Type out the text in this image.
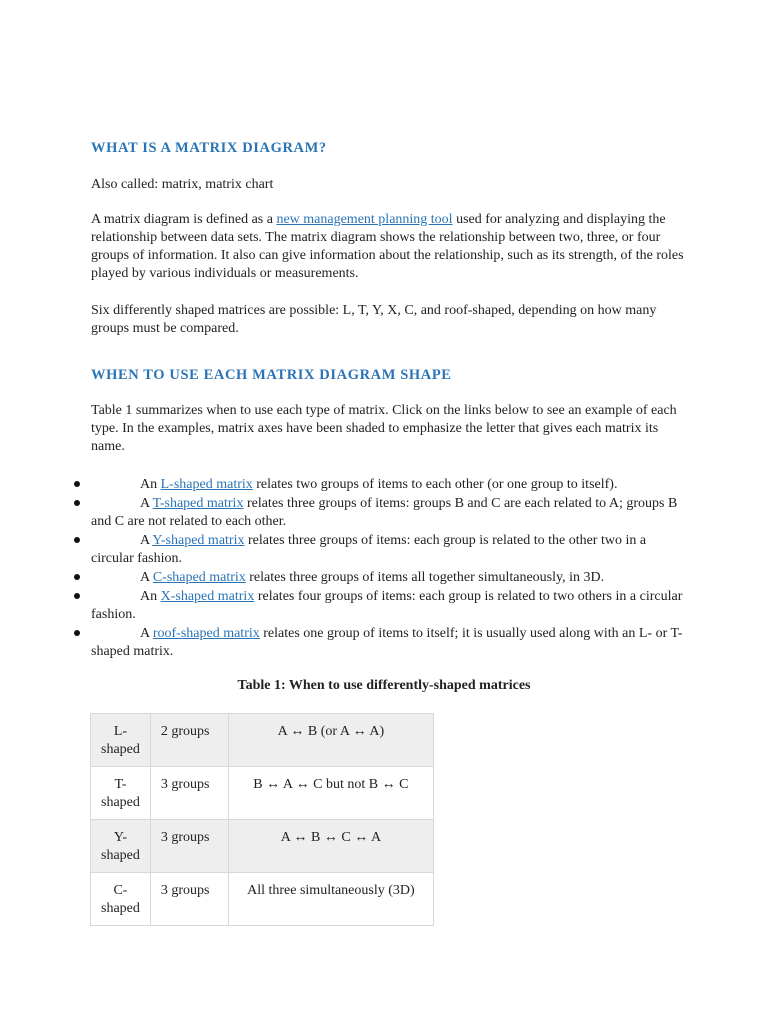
WHAT IS A MATRIX DIAGRAM?

Also called: matrix, matrix chart

A matrix diagram is defined as a new management planning tool used for analyzing and displaying the relationship between data sets. The matrix diagram shows the relationship between two, three, or four groups of information. It also can give information about the relationship, such as its strength, of the roles played by various individuals or measurements.

Six differently shaped matrices are possible: L, T, Y, X, C, and roof-shaped, depending on how many groups must be compared.

WHEN TO USE EACH MATRIX DIAGRAM SHAPE

Table 1 summarizes when to use each type of matrix. Click on the links below to see an example of each type. In the examples, matrix axes have been shaded to emphasize the letter that gives each matrix its name.

An L-shaped matrix relates two groups of items to each other (or one group to itself).
A T-shaped matrix relates three groups of items: groups B and C are each related to A; groups B and C are not related to each other.
A Y-shaped matrix relates three groups of items: each group is related to the other two in a circular fashion.
A C-shaped matrix relates three groups of items all together simultaneously, in 3D.
An X-shaped matrix relates four groups of items: each group is related to two others in a circular fashion.
A roof-shaped matrix relates one group of items to itself; it is usually used along with an L- or T-shaped matrix.

Table 1: When to use differently-shaped matrices

L-shaped	2 groups	A ↔ B (or A ↔ A)
T-shaped	3 groups	B ↔ A ↔ C but not B ↔ C
Y-shaped	3 groups	A ↔ B ↔ C ↔ A
C-shaped	3 groups	All three simultaneously (3D)
